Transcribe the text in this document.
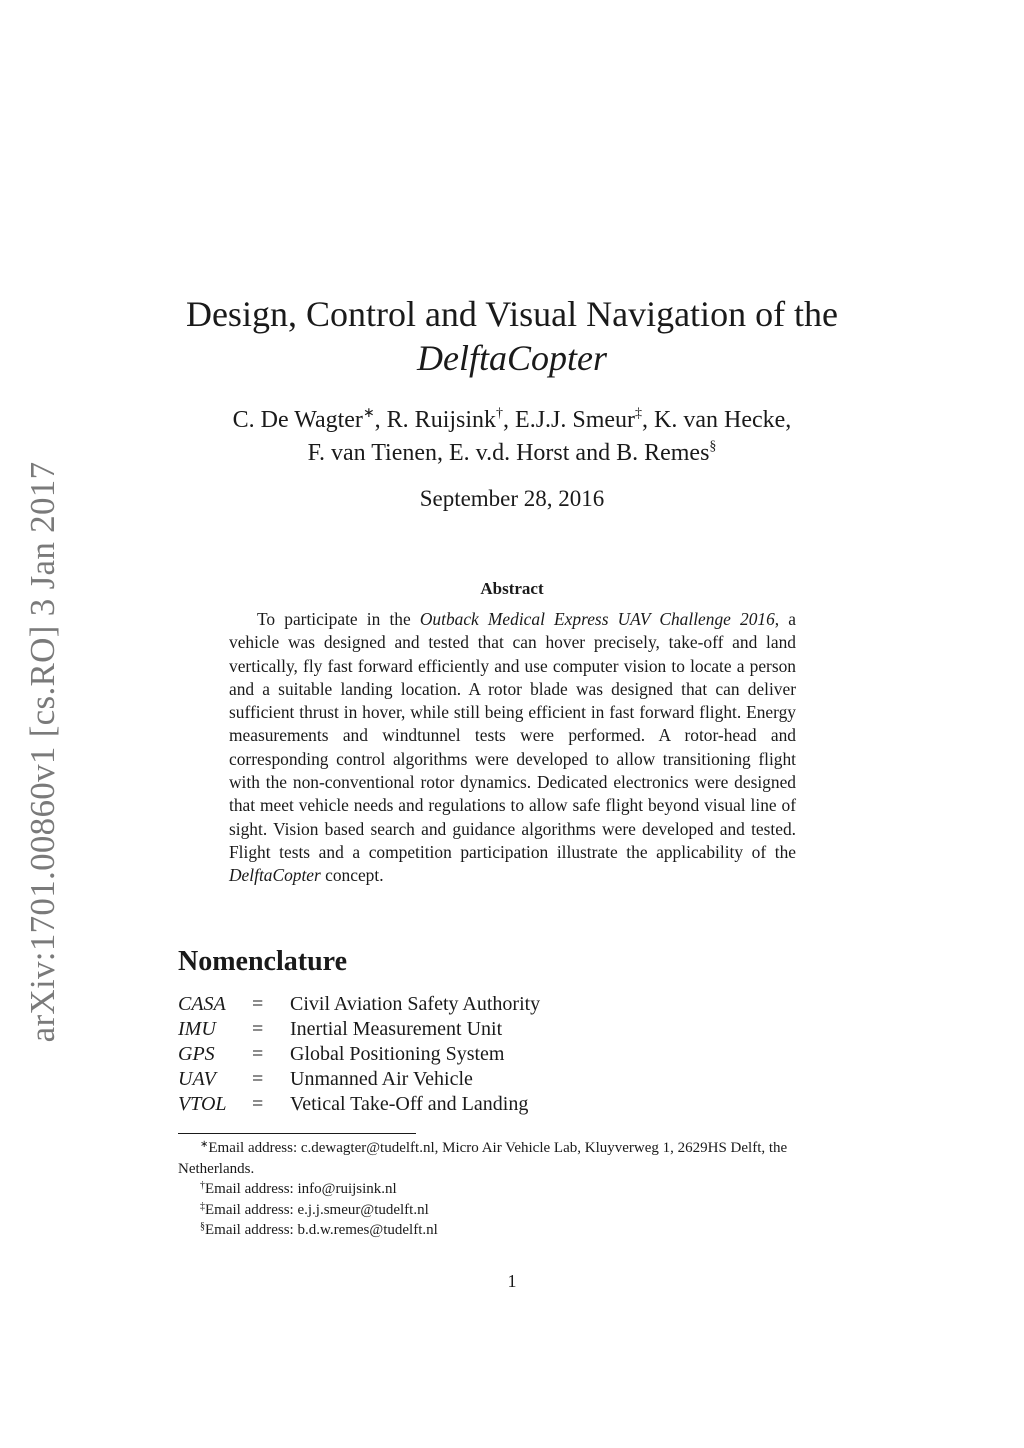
arXiv:1701.00860v1 [cs.RO] 3 Jan 2017
Design, Control and Visual Navigation of the
DelftaCopter
C. De Wagter∗, R. Ruijsink†, E.J.J. Smeur‡, K. van Hecke,
F. van Tienen, E. v.d. Horst and B. Remes§
September 28, 2016
Abstract

To participate in the Outback Medical Express UAV Challenge 2016, a vehicle was designed and tested that can hover precisely, take-off and land vertically, fly fast forward efficiently and use computer vision to locate a person and a suitable landing location. A rotor blade was designed that can deliver sufficient thrust in hover, while still being efficient in fast forward flight. Energy measurements and windtunnel tests were performed. A rotor-head and corresponding control algorithms were developed to allow transitioning flight with the non-conventional rotor dynamics. Dedicated electronics were designed that meet vehicle needs and regulations to allow safe flight beyond visual line of sight. Vision based search and guidance algorithms were developed and tested. Flight tests and a competition participation illustrate the applicability of the DelftaCopter concept.

Nomenclature
CASA	=	Civil Aviation Safety Authority
IMU	=	Inertial Measurement Unit
GPS	=	Global Positioning System
UAV	=	Unmanned Air Vehicle
VTOL	=	Vetical Take-Off and Landing

∗Email address: c.dewagter@tudelft.nl, Micro Air Vehicle Lab, Kluyverweg 1, 2629HS Delft, the Netherlands.

†Email address: info@ruijsink.nl

‡Email address: e.j.j.smeur@tudelft.nl

§Email address: b.d.w.remes@tudelft.nl

1
